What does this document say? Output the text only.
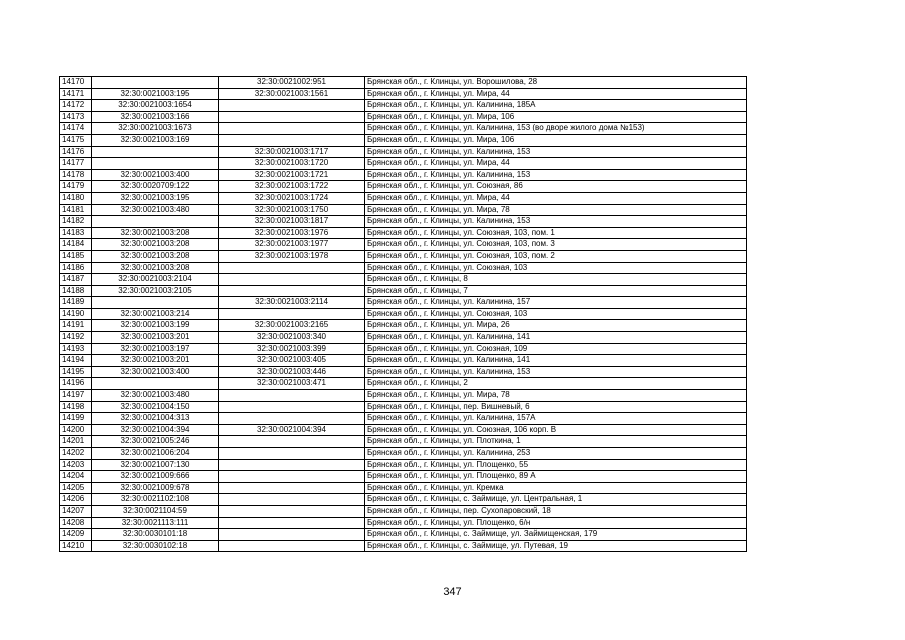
14170		32:30:0021002:951	Брянская обл., г. Клинцы, ул. Ворошилова, 28
14171	32:30:0021003:195	32:30:0021003:1561	Брянская обл., г. Клинцы, ул. Мира, 44
14172	32:30:0021003:1654		Брянская обл., г. Клинцы, ул. Калинина, 185А
14173	32:30:0021003:166		Брянская обл., г. Клинцы, ул. Мира, 106
14174	32:30:0021003:1673		Брянская обл., г. Клинцы, ул. Калинина, 153 (во дворе жилого дома №153)
14175	32:30:0021003:169		Брянская обл., г. Клинцы, ул. Мира, 106
14176		32:30:0021003:1717	Брянская обл., г. Клинцы, ул. Калинина, 153
14177		32:30:0021003:1720	Брянская обл., г. Клинцы, ул. Мира, 44
14178	32:30:0021003:400	32:30:0021003:1721	Брянская обл., г. Клинцы, ул. Калинина, 153
14179	32:30:0020709:122	32:30:0021003:1722	Брянская обл., г. Клинцы, ул. Союзная, 86
14180	32:30:0021003:195	32:30:0021003:1724	Брянская обл., г. Клинцы, ул. Мира, 44
14181	32:30:0021003:480	32:30:0021003:1750	Брянская обл., г. Клинцы, ул. Мира, 78
14182		32:30:0021003:1817	Брянская обл., г. Клинцы, ул. Калинина, 153
14183	32:30:0021003:208	32:30:0021003:1976	Брянская обл., г. Клинцы, ул. Союзная, 103, пом. 1
14184	32:30:0021003:208	32:30:0021003:1977	Брянская обл., г. Клинцы, ул. Союзная, 103, пом. 3
14185	32:30:0021003:208	32:30:0021003:1978	Брянская обл., г. Клинцы, ул. Союзная, 103, пом. 2
14186	32:30:0021003:208		Брянская обл., г. Клинцы, ул. Союзная, 103
14187	32:30:0021003:2104		Брянская обл., г. Клинцы, 8
14188	32:30:0021003:2105		Брянская обл., г. Клинцы, 7
14189		32:30:0021003:2114	Брянская обл., г. Клинцы, ул. Калинина, 157
14190	32:30:0021003:214		Брянская обл., г. Клинцы, ул. Союзная, 103
14191	32:30:0021003:199	32:30:0021003:2165	Брянская обл., г. Клинцы, ул. Мира, 26
14192	32:30:0021003:201	32:30:0021003:340	Брянская обл., г. Клинцы, ул. Калинина, 141
14193	32:30:0021003:197	32:30:0021003:399	Брянская обл., г. Клинцы, ул. Союзная, 109
14194	32:30:0021003:201	32:30:0021003:405	Брянская обл., г. Клинцы, ул. Калинина, 141
14195	32:30:0021003:400	32:30:0021003:446	Брянская обл., г. Клинцы, ул. Калинина, 153
14196		32:30:0021003:471	Брянская обл., г. Клинцы, 2
14197	32:30:0021003:480		Брянская обл., г. Клинцы, ул. Мира, 78
14198	32:30:0021004:150		Брянская обл., г. Клинцы, пер. Вишневый, 6
14199	32:30:0021004:313		Брянская обл., г. Клинцы, ул. Калинина, 157А
14200	32:30:0021004:394	32:30:0021004:394	Брянская обл., г. Клинцы, ул. Союзная, 106 корп. В
14201	32:30:0021005:246		Брянская обл., г. Клинцы, ул. Плоткина, 1
14202	32:30:0021006:204		Брянская обл., г. Клинцы, ул. Калинина, 253
14203	32:30:0021007:130		Брянская обл., г. Клинцы, ул. Площенко, 55
14204	32:30:0021009:666		Брянская обл., г. Клинцы, ул. Площенко, 89 А
14205	32:30:0021009:678		Брянская обл., г. Клинцы, ул. Кремка
14206	32:30:0021102:108		Брянская обл., г. Клинцы, с. Займище, ул. Центральная, 1
14207	32:30:0021104:59		Брянская обл., г. Клинцы, пер. Сухопаровский, 18
14208	32:30:0021113:111		Брянская обл., г. Клинцы, ул. Площенко, 6/н
14209	32:30:0030101:18		Брянская обл., г. Клинцы, с. Займище, ул. Займищенская, 179
14210	32:30:0030102:18		Брянская обл., г. Клинцы, с. Займище, ул. Путевая, 19
347
